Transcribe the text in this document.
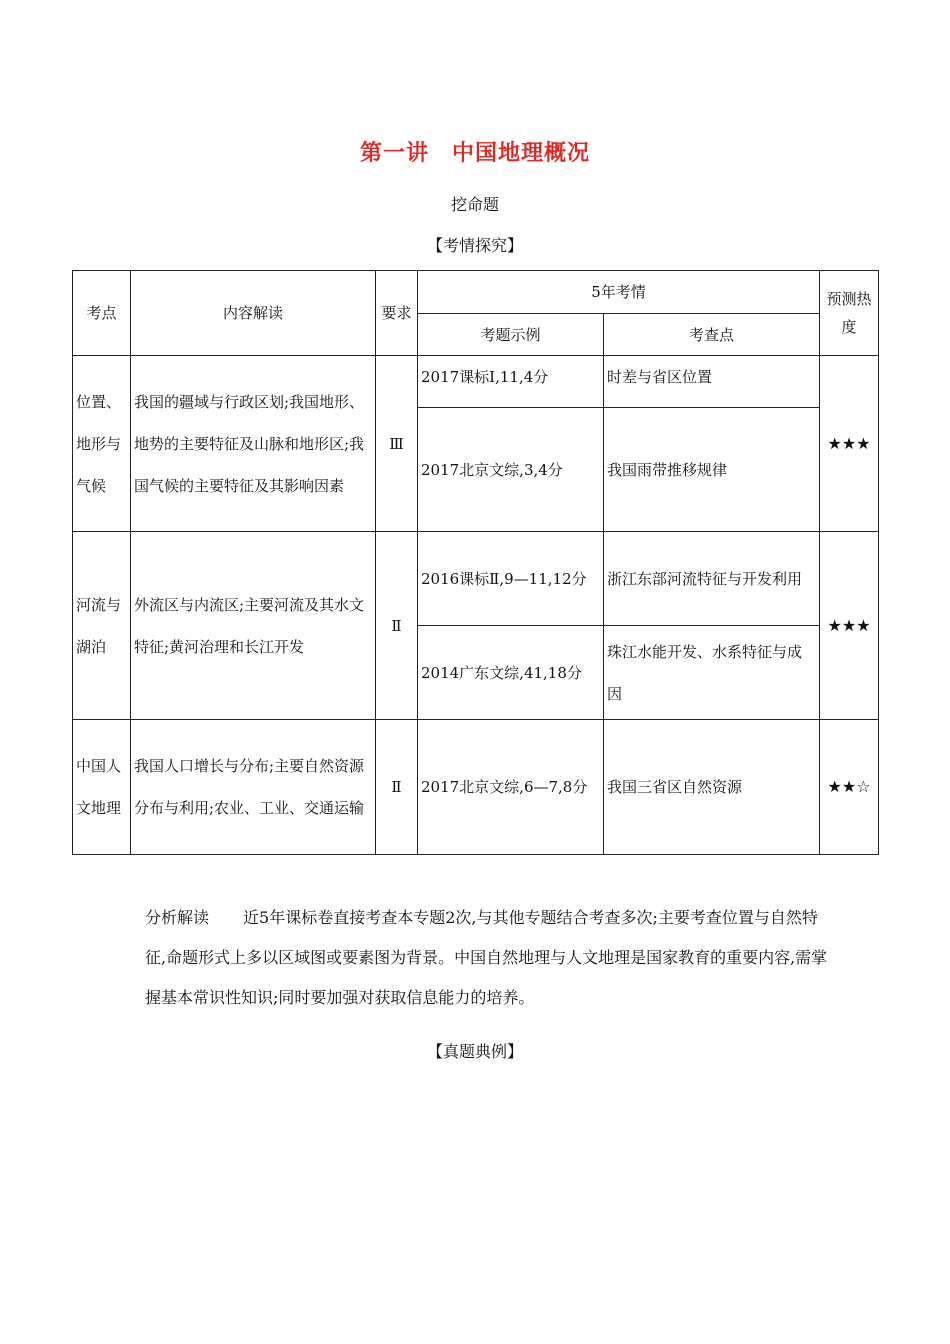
第一讲　中国地理概况
挖命题
【考情探究】
考点	内容解读	要求	5年考情		预测热度
			考题示例	考查点	
位置、地形与气候	我国的疆域与行政区划;我国地形、地势的主要特征及山脉和地形区;我国气候的主要特征及其影响因素	Ⅲ	2017课标Ⅰ,11,4分	时差与省区位置	★★★
			2017北京文综,3,4分	我国雨带推移规律	
河流与湖泊	外流区与内流区;主要河流及其水文特征;黄河治理和长江开发	Ⅱ	2016课标Ⅱ,9—11,12分	浙江东部河流特征与开发利用	★★★
			2014广东文综,41,18分	珠江水能开发、水系特征与成因	
中国人文地理	我国人口增长与分布;主要自然资源分布与利用;农业、工业、交通运输	Ⅱ	2017北京文综,6—7,8分	我国三省区自然资源	★★☆
分析解读 近5年课标卷直接考查本专题2次,与其他专题结合考查多次;主要考查位置与自然特征,命题形式上多以区域图或要素图为背景。中国自然地理与人文地理是国家教育的重要内容,需掌握基本常识性知识;同时要加强对获取信息能力的培养。
【真题典例】
